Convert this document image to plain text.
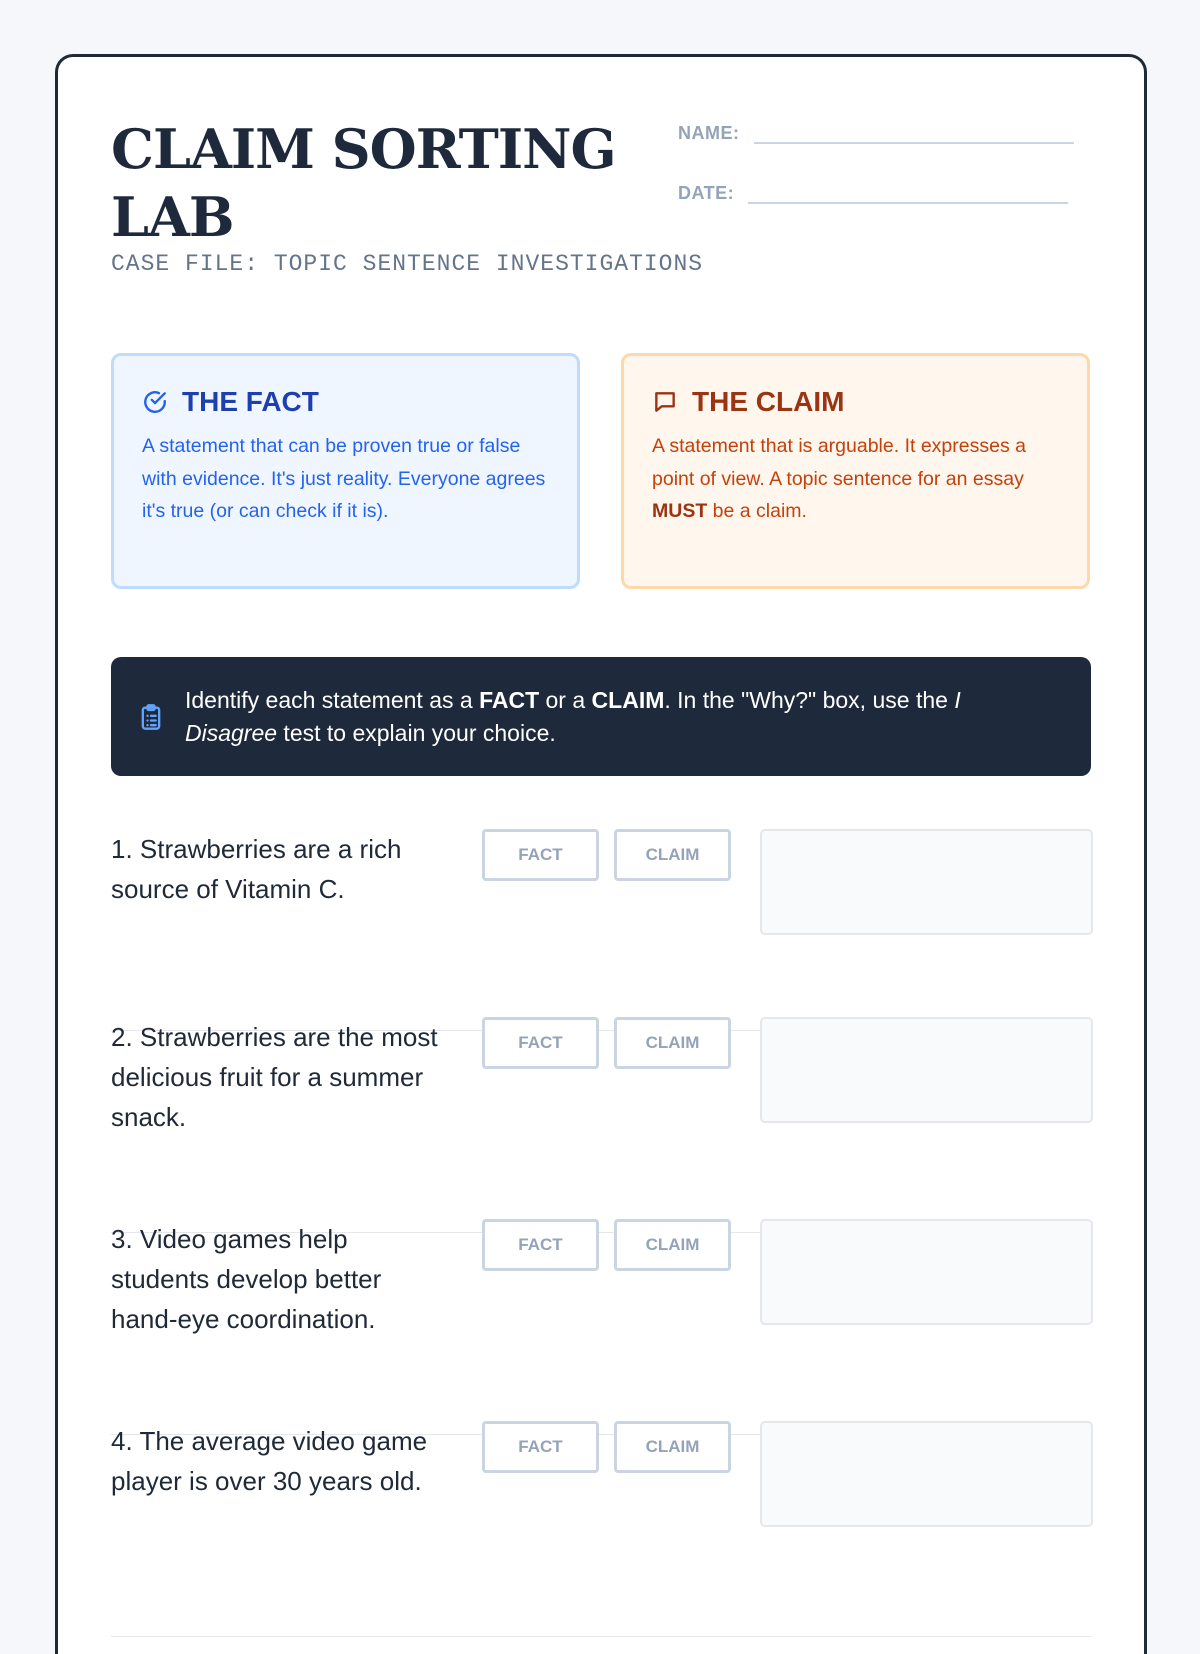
CLAIM SORTING LAB
CASE FILE: TOPIC SENTENCE INVESTIGATIONS
NAME:
DATE:
THE FACT

A statement that can be proven true or false with evidence. It's just reality. Everyone agrees it's true (or can check if it is).

THE CLAIM

A statement that is arguable. It expresses a point of view. A topic sentence for an essay MUST be a claim.

Identify each statement as a FACT or a CLAIM. In the "Why?" box, use the I Disagree test to explain your choice.

1. Strawberries are a rich source of Vitamin C.

FACT	CLAIM

2. Strawberries are the most delicious fruit for a summer snack.

FACT	CLAIM

3. Video games help students develop better hand-eye coordination.

FACT	CLAIM

4. The average video game player is over 30 years old.

FACT	CLAIM
